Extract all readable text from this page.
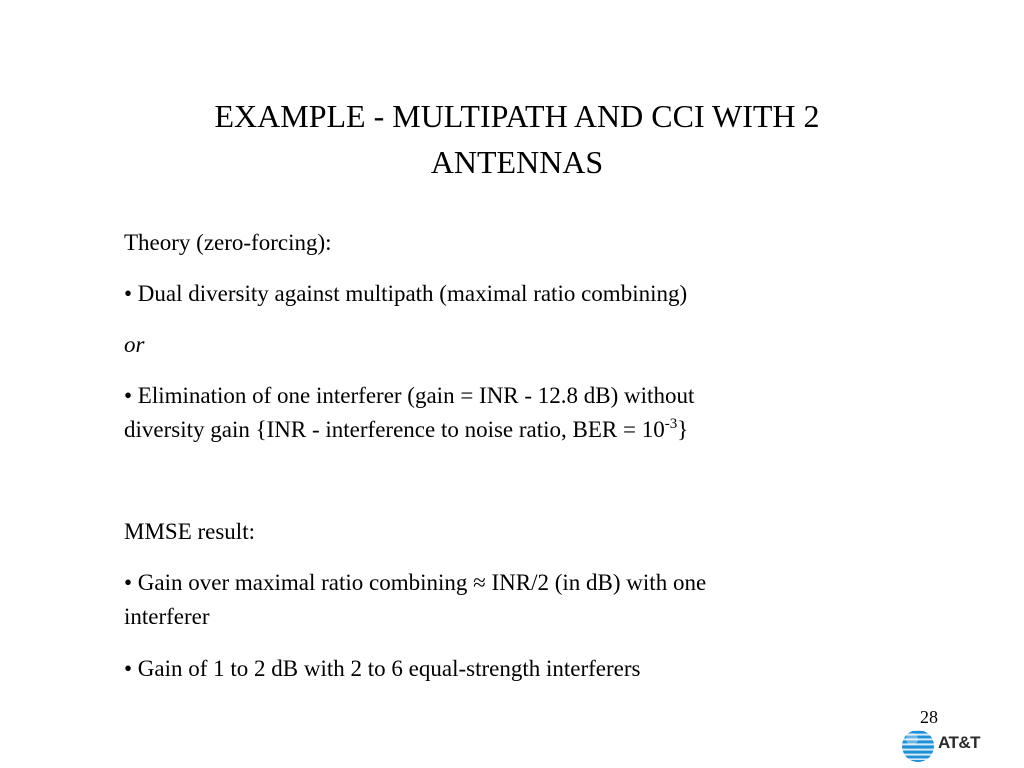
EXAMPLE - MULTIPATH AND CCI WITH 2
ANTENNAS

Theory (zero-forcing):

• Dual diversity against multipath (maximal ratio combining)

or

• Elimination of one interferer (gain = INR - 12.8 dB) without
diversity gain {INR - interference to noise ratio, BER = $10^{-3}$}

MMSE result:

• Gain over maximal ratio combining ≈ INR/2 (in dB) with one
interferer

• Gain of 1 to 2 dB with 2 to 6 equal-strength interferers

28
AT&T
